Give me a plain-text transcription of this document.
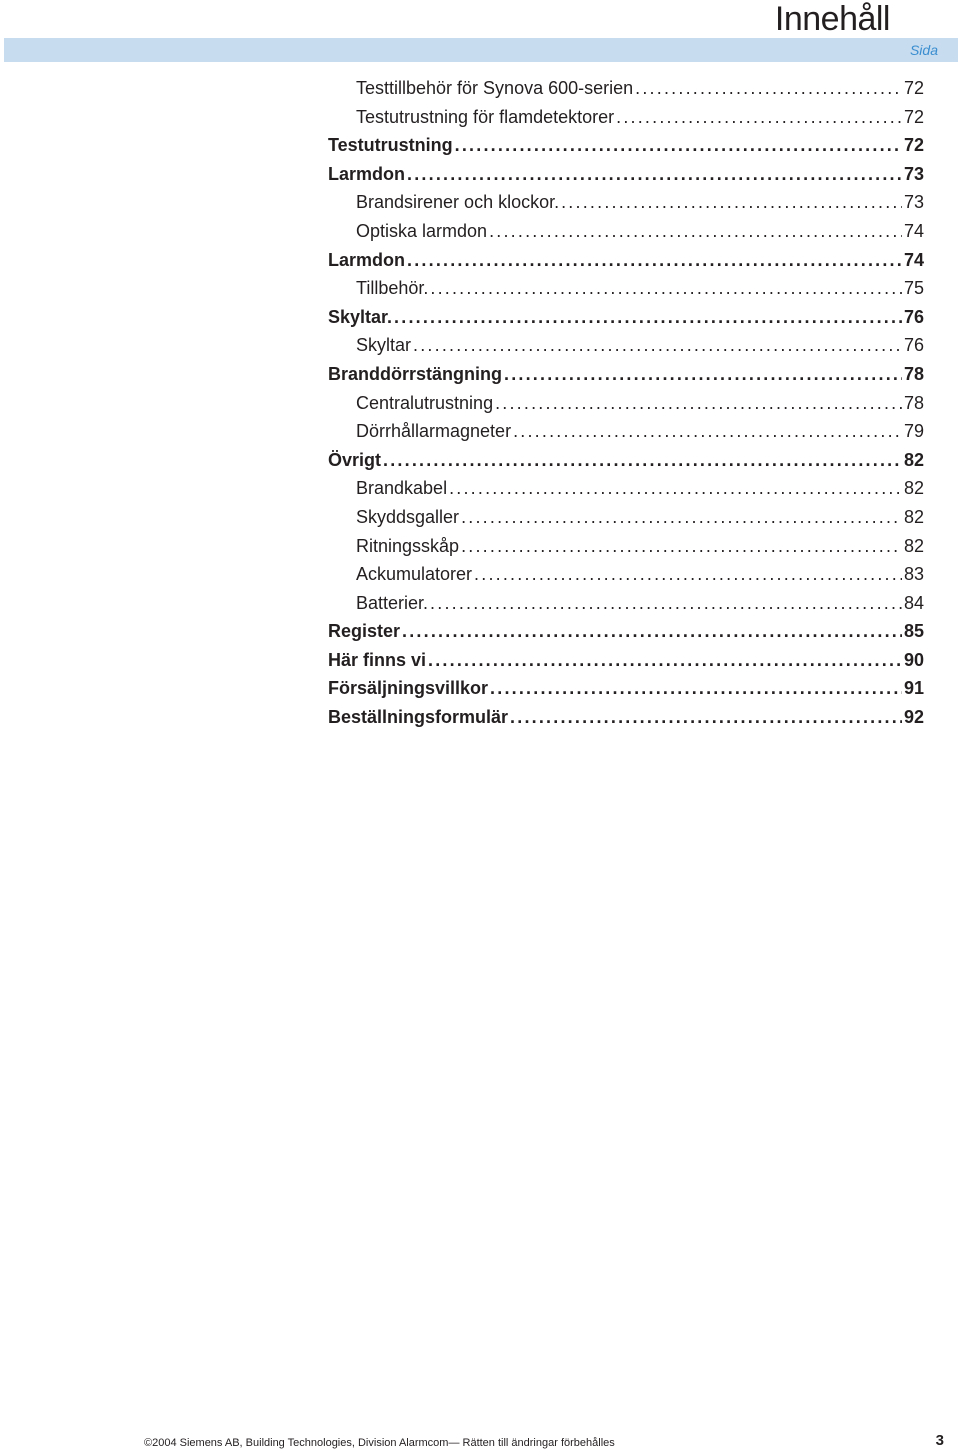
Innehåll
Sida
Testtillbehör för Synova 600-serien . . .	72
Testutrustning för flamdetektorer . . .	72
Testutrustning . . .	72
Larmdon . . .	73
Brandsirener och klockor. . . .	73
Optiska larmdon . . .	74
Larmdon . . .	74
Tillbehör. . . .	75
Skyltar. . . .	76
Skyltar . . .	76
Branddörrstängning . . .	78
Centralutrustning . . .	78
Dörrhållarmagneter . . .	79
Övrigt . . .	82
Brandkabel . . .	82
Skyddsgaller . . .	82
Ritningsskåp . . .	82
Ackumulatorer . . .	83
Batterier. . . .	84
Register . . .	85
Här finns vi . . .	90
Försäljningsvillkor . . .	91
Beställningsformulär . . .	92
©2004 Siemens AB, Building Technologies, Division Alarmcom— Rätten till ändringar förbehålles	3
